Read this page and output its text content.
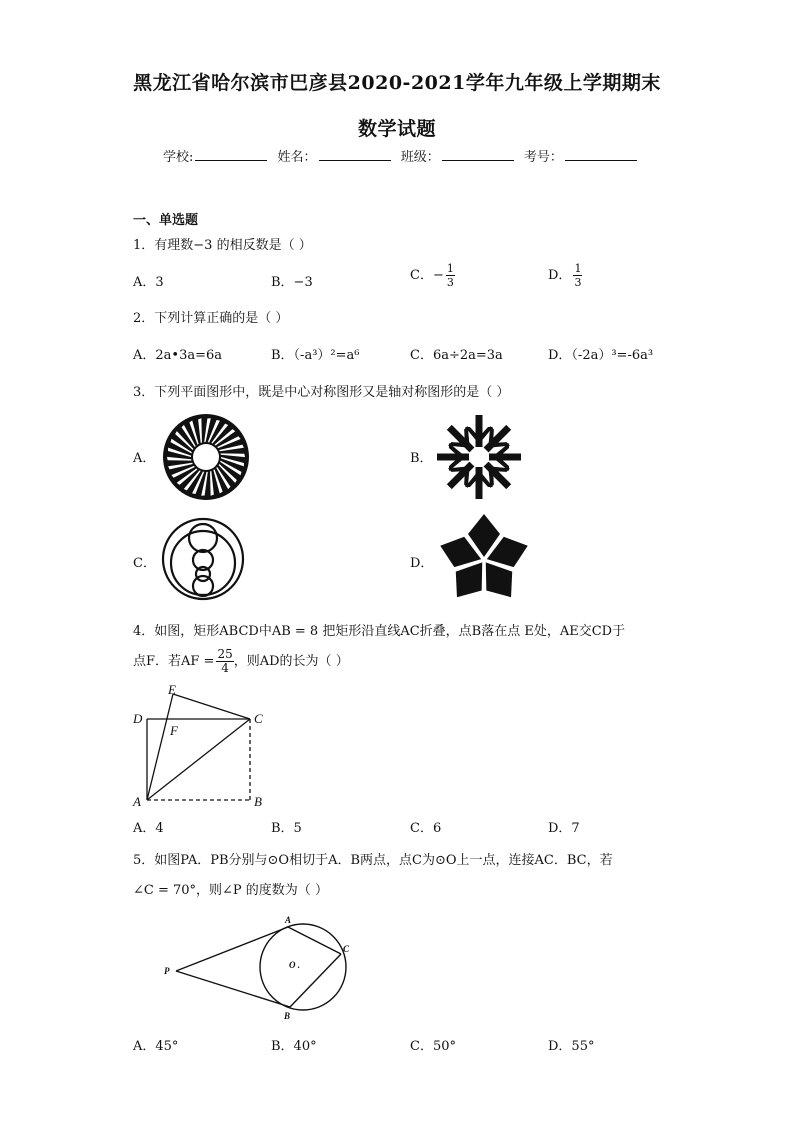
黑龙江省哈尔滨市巴彦县2020-2021学年九年级上学期期末
数学试题
学校:	姓名：	班级：	考号：
一、单选题
1．有理数−3 的相反数是（ ）
A．3	B．−3	C．− $\frac{1}{3}$	D． $\frac{1}{3}$
2．下列计算正确的是（ ）
A．2a•3a=6a	B．（-a³）²=a⁶	C．6a÷2a=3a	D．（-2a）³=-6a³
3．下列平面图形中，既是中心对称图形又是轴对称图形的是（ ）
A．	B．
C．	D．
4．如图，矩形ABCD中AB = 8 把矩形沿直线AC折叠，点B落在点 E处，AE交CD于
点F．若AF = $\frac{25}{4}$ ，则AD的长为（ ）
D
A	B
C
E
F
A．4	B．5	C．6	D．7
5．如图PA．PB分别与⊙O相切于A．B两点，点C为⊙O上一点，连接AC．BC，若
∠C = 70°，则∠P 的度数为（ ）
P
A
B
C
O .
A．45°	B．40°	C．50°	D．55°
